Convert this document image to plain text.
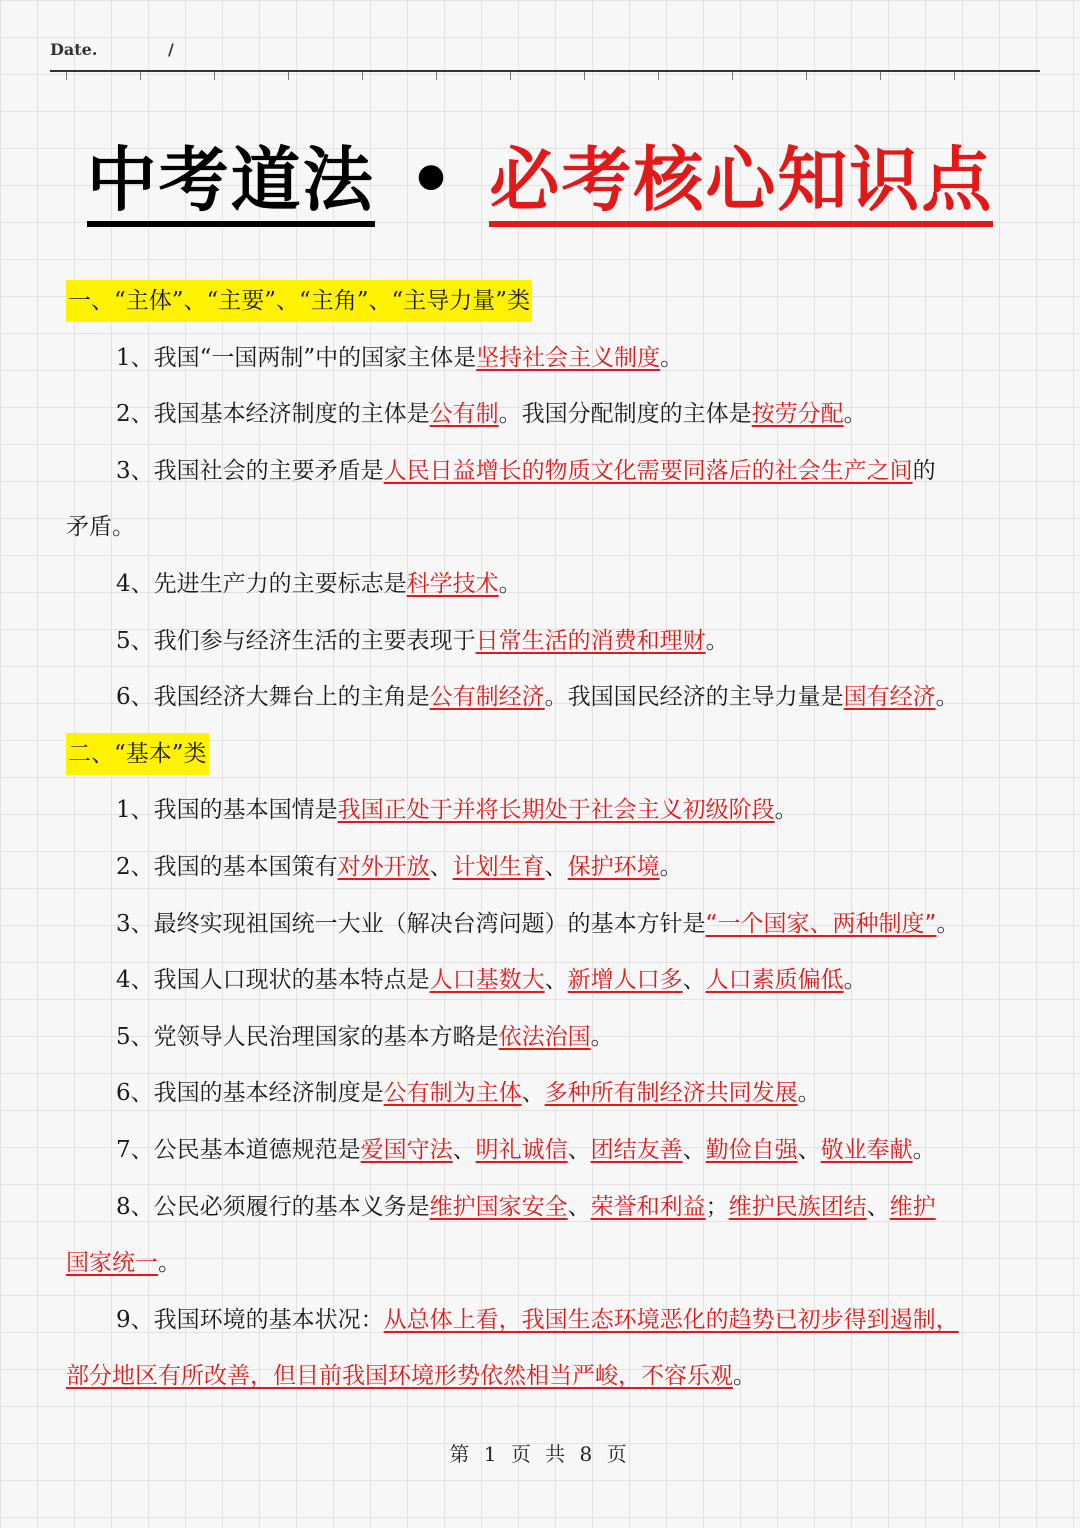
Date.	/
中考道法 • 必考核心知识点
一、“主体”、“主要”、“主角”、“主导力量”类
1、我国“一国两制”中的国家主体是坚持社会主义制度。
2、我国基本经济制度的主体是公有制。我国分配制度的主体是按劳分配。
3、我国社会的主要矛盾是人民日益增长的物质文化需要同落后的社会生产之间的
矛盾。
4、先进生产力的主要标志是科学技术。
5、我们参与经济生活的主要表现于日常生活的消费和理财。
6、我国经济大舞台上的主角是公有制经济。我国国民经济的主导力量是国有经济。
二、“基本”类
1、我国的基本国情是我国正处于并将长期处于社会主义初级阶段。
2、我国的基本国策有对外开放、计划生育、保护环境。
3、最终实现祖国统一大业（解决台湾问题）的基本方针是“一个国家、两种制度”。
4、我国人口现状的基本特点是人口基数大、新增人口多、人口素质偏低。
5、党领导人民治理国家的基本方略是依法治国。
6、我国的基本经济制度是公有制为主体、多种所有制经济共同发展。
7、公民基本道德规范是爱国守法、明礼诚信、团结友善、勤俭自强、敬业奉献。
8、公民必须履行的基本义务是维护国家安全、荣誉和利益；维护民族团结、维护
国家统一。
9、我国环境的基本状况：从总体上看，我国生态环境恶化的趋势已初步得到遏制，
部分地区有所改善，但目前我国环境形势依然相当严峻，不容乐观。
第 1 页 共 8 页
